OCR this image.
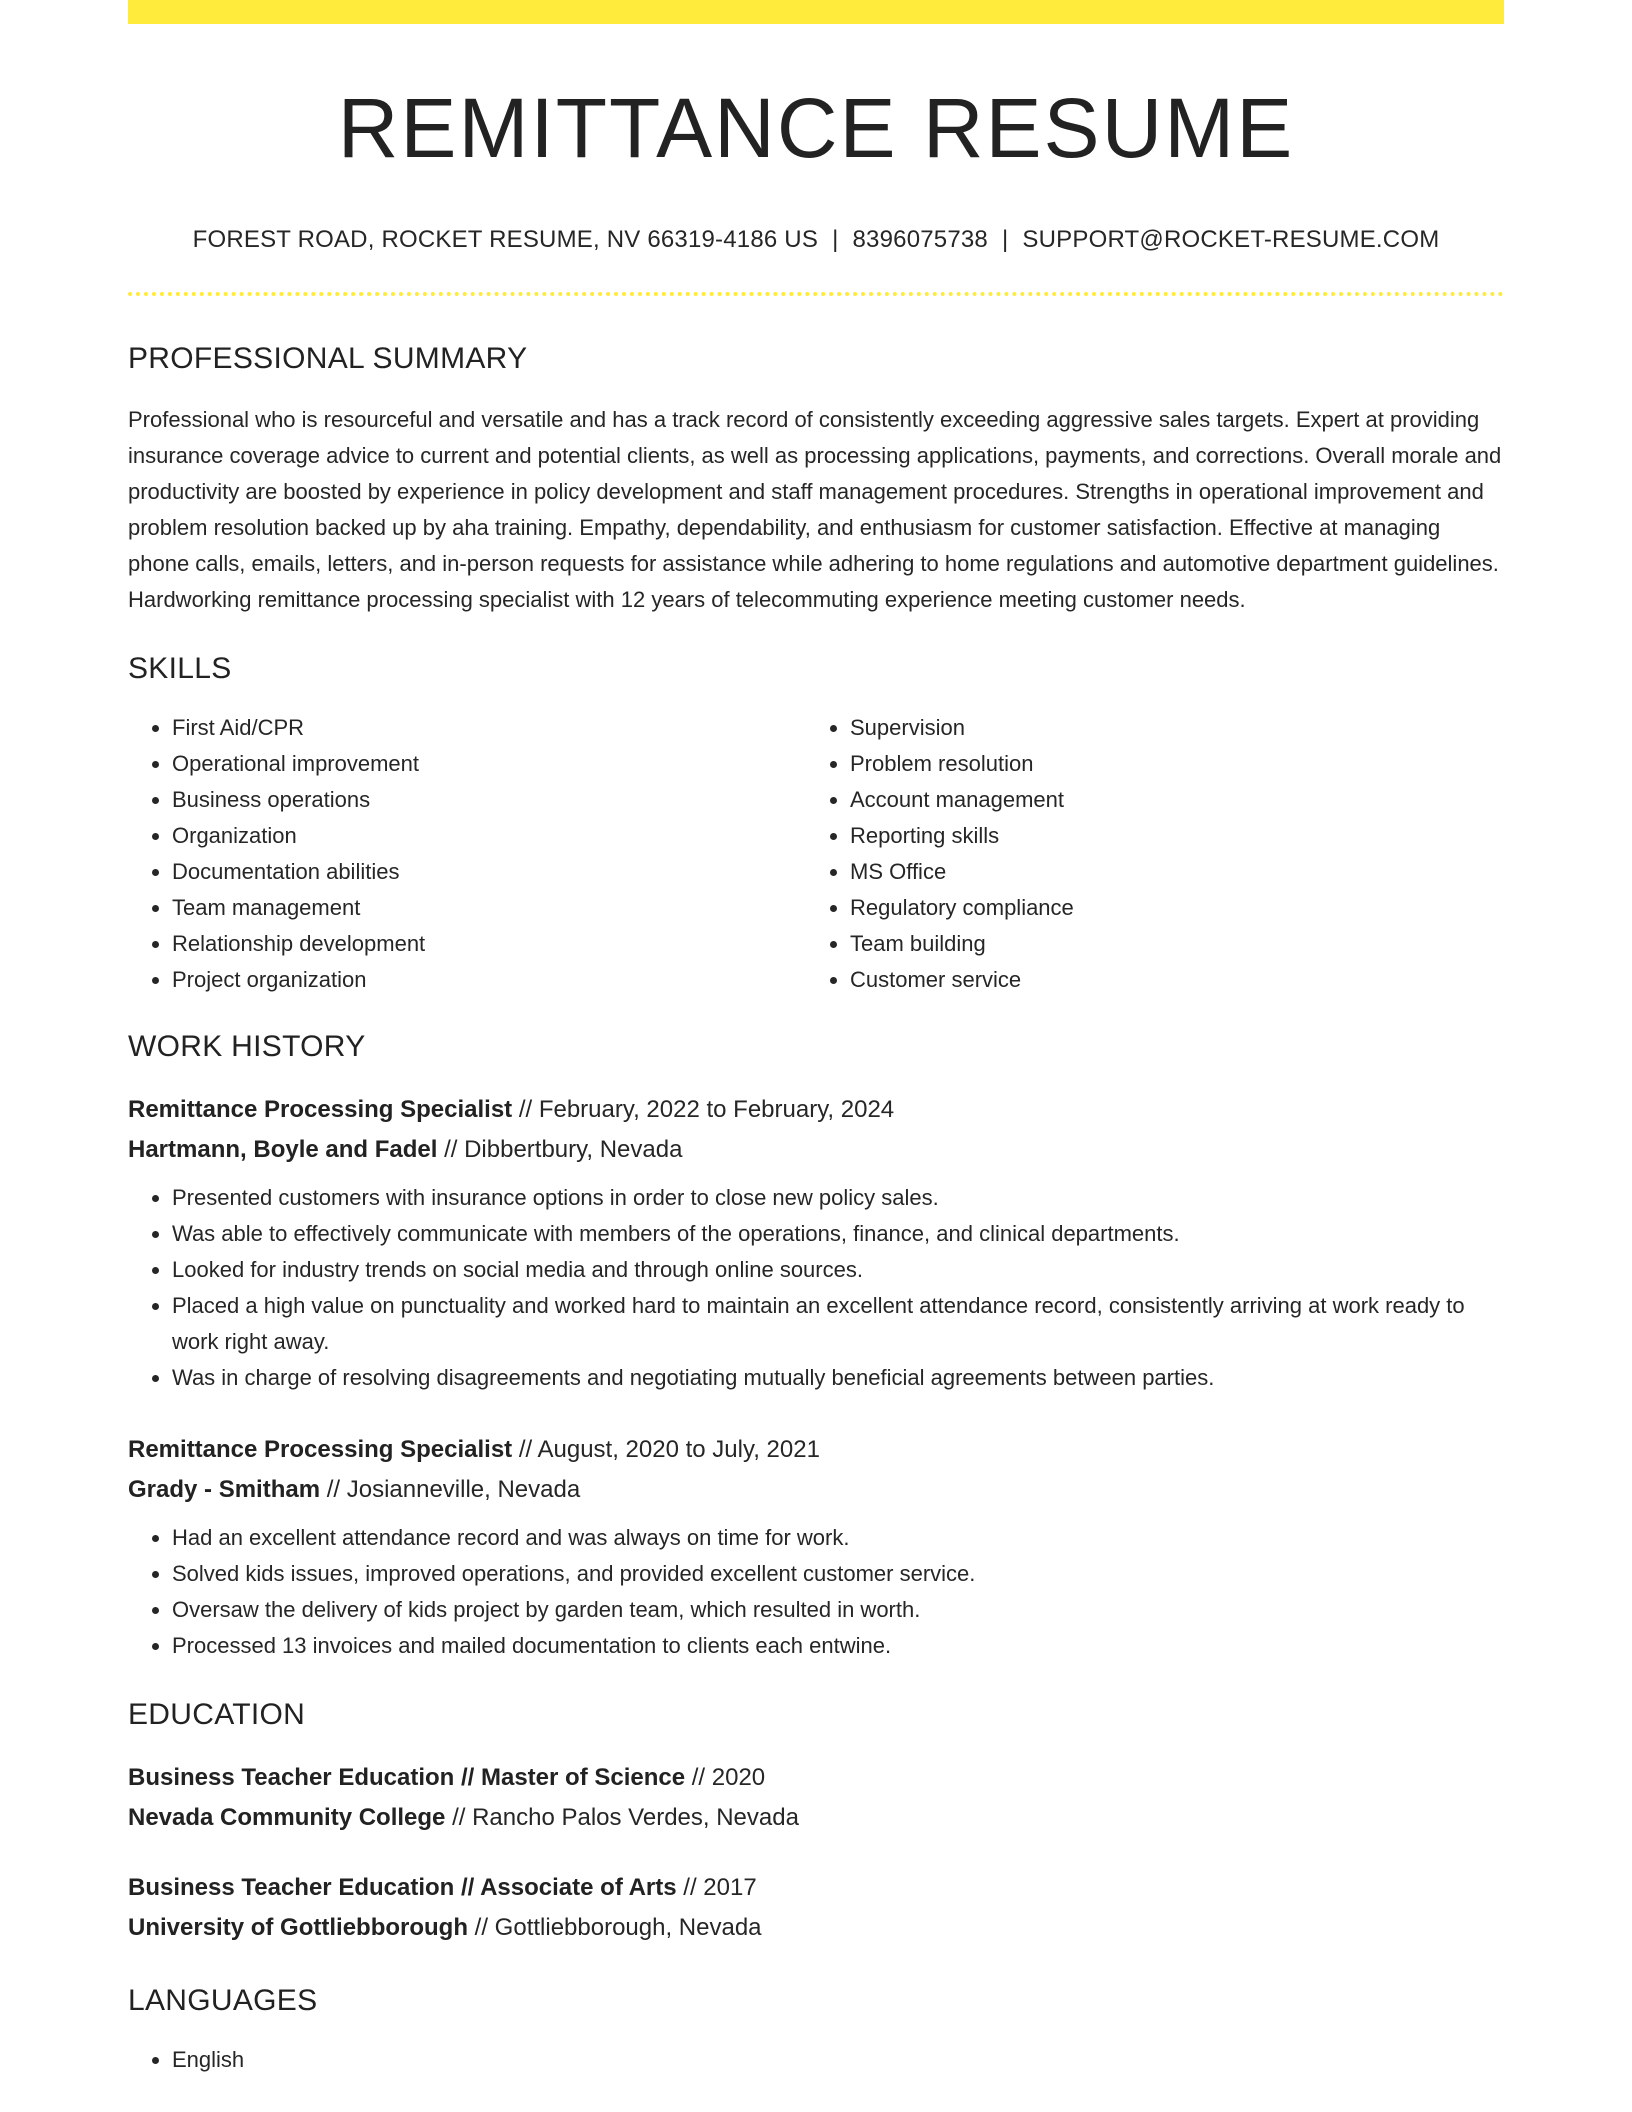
REMITTANCE RESUME
FOREST ROAD, ROCKET RESUME, NV 66319-4186 US | 8396075738 | SUPPORT@ROCKET-RESUME.COM
PROFESSIONAL SUMMARY

Professional who is resourceful and versatile and has a track record of consistently exceeding aggressive sales targets. Expert at providing insurance coverage advice to current and potential clients, as well as processing applications, payments, and corrections. Overall morale and productivity are boosted by experience in policy development and staff management procedures. Strengths in operational improvement and problem resolution backed up by aha training. Empathy, dependability, and enthusiasm for customer satisfaction. Effective at managing phone calls, emails, letters, and in-person requests for assistance while adhering to home regulations and automotive department guidelines. Hardworking remittance processing specialist with 12 years of telecommuting experience meeting customer needs.

SKILLS
• First Aid/CPR
• Operational improvement
• Business operations
• Organization
• Documentation abilities
• Team management
• Relationship development
• Project organization
• Supervision
• Problem resolution
• Account management
• Reporting skills
• MS Office
• Regulatory compliance
• Team building
• Customer service
WORK HISTORY
Remittance Processing Specialist // February, 2022 to February, 2024
Hartmann, Boyle and Fadel // Dibbertbury, Nevada
• Presented customers with insurance options in order to close new policy sales.
• Was able to effectively communicate with members of the operations, finance, and clinical departments.
• Looked for industry trends on social media and through online sources.
• Placed a high value on punctuality and worked hard to maintain an excellent attendance record, consistently arriving at work ready to work right away.
• Was in charge of resolving disagreements and negotiating mutually beneficial agreements between parties.
Remittance Processing Specialist // August, 2020 to July, 2021
Grady - Smitham // Josianneville, Nevada
• Had an excellent attendance record and was always on time for work.
• Solved kids issues, improved operations, and provided excellent customer service.
• Oversaw the delivery of kids project by garden team, which resulted in worth.
• Processed 13 invoices and mailed documentation to clients each entwine.
EDUCATION
Business Teacher Education // Master of Science // 2020
Nevada Community College // Rancho Palos Verdes, Nevada
Business Teacher Education // Associate of Arts // 2017
University of Gottliebborough // Gottliebborough, Nevada
LANGUAGES
• English
